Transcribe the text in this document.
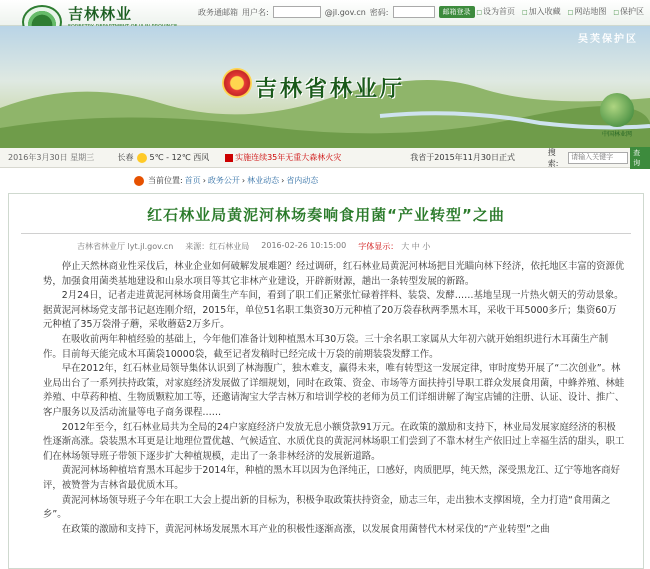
吉林林业	政务通邮箱 用户名:	@jl.gov.cn 密码:	邮箱登录	□ 设为首页	□ 加入收藏	□ 网站地图	□ 保护区
吴芙保护区
吉林省林业厅
中国林业网
2016年3月30日 星期三	长春 5℃ - 12℃ 西风	实施连续35年无重大森林火灾	我省于2015年11月30日正式
搜索:
请输入关键字
查询
当前位置: 首页 › 政务公开 › 林业动态 › 省内动态
红石林业局黄泥河林场奏响食用菌“产业转型”之曲
吉林省林业厅 lyt.jl.gov.cn 来源：红石林业局 2016-02-26 10:15:00 字体显示： 大 中 小

停止天然林商业性采伐后，林业企业如何破解发展难题？经过调研，红石林业局黄泥河林场把目光瞄向林下经济，依托地区丰富的资源优势，加强食用菌类基地建设和山泉水项目等其它非林产业建设，开辟新财源，趟出一条转型发展的新路。

2月24日，记者走进黄泥河林场食用菌生产车间，看到了职工们正紧张忙碌着拌料、装袋、发酵……基地呈现一片热火朝天的劳动景象。据黄泥河林场党支部书记赵连刚介绍，2015年，单位51名职工集资30万元种植了20万袋春秋两季黑木耳，采收干耳5000多斤；集资60万元种植了35万袋滑子蘑，采收蘑菇2万多斤。

在吸收前两年种植经验的基础上，今年他们准备计划种植黑木耳30万袋。三十余名职工家属从大年初六就开始组织进行木耳菌生产制作。目前每天能完成木耳菌袋10000袋，截至记者发稿时已经完成十万袋的前期装袋发酵工作。

早在2012年，红石林业局领导集体认识到了林海腹广，独木难支，赢得未来，唯有转型这一发展定律，审时度势开展了“二次创业”。林业局出台了一系列扶持政策，对家庭经济发展做了详细规划，同时在政策、资金、市场等方面扶持引导职工群众发展食用菌，中蜂养殖、林蛙养殖、中草药种植、生物质颗粒加工等，还邀请淘宝大学吉林万和培训学校的老师为员工们详细讲解了淘宝店铺的注册、认证、设计、推广、客户服务以及活动流量等电子商务课程……

2012年至今，红石林业局共为全局的24户家庭经济户发放无息小额贷款91万元。在政策的激励和支持下，林业局发展家庭经济的积极性逐渐高涨。袋装黑木耳更是让地理位置优越、气候适宜、水质优良的黄泥河林场职工们尝到了不靠木材生产依旧过上幸福生活的甜头，职工们在林场领导班子带领下逐步扩大种植规模，走出了一条非林经济的发展新道路。

黄泥河林场种植培育黑木耳起步于2014年，种植的黑木耳以因为色泽纯正，口感好，肉质肥厚，纯天然，深受黑龙江、辽宁等地客商好评，被赞誉为吉林省最优质木耳。

黄泥河林场领导班子今年在职工大会上提出新的目标为，积极争取政策扶持资金，励志三年，走出独木支撑困境，全力打造“食用菌之乡”。

在政策的激励和支持下，黄泥河林场发展黑木耳产业的积极性逐渐高涨，以发展食用菌替代木材采伐的“产业转型”之曲
